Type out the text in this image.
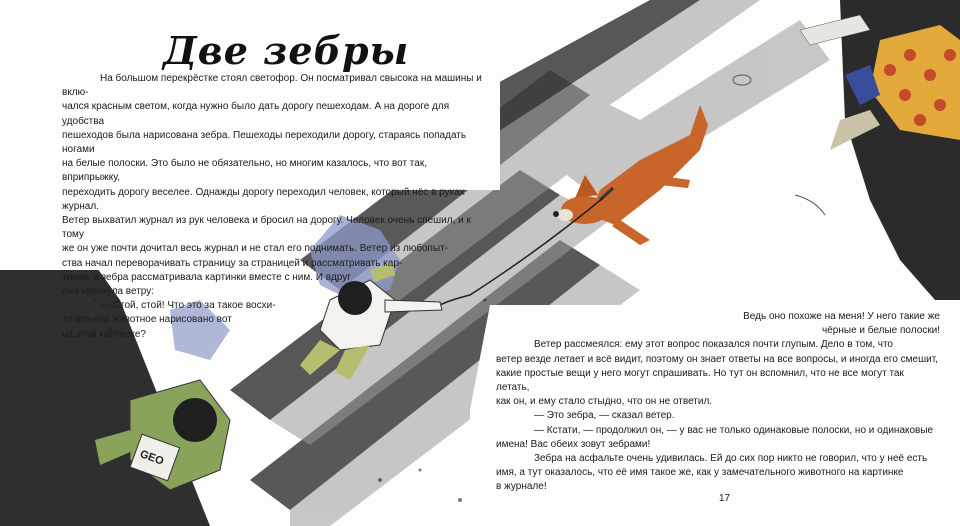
GEO
Две зебры

На большом перекрёстке стоял светофор. Он посматривал свысока на машины и вклю-

чался красным светом, когда нужно было дать дорогу пешеходам. А на дороге для удобства

пешеходов была нарисована зебра. Пешеходы переходили дорогу, стараясь попадать ногами

на белые полоски. Это было не обязательно, но многим казалось, что вот так, вприпрыжку,

переходить дорогу веселее. Однажды дорогу переходил человек, который нёс в руках журнал.

Ветер выхватил журнал из рук человека и бросил на дорогу. Человек очень спешил, и к тому

же он уже почти дочитал весь журнал и не стал его поднимать. Ветер из любопыт-

ства начал переворачивать страницу за страницей и рассматривать кар-

тинки, а зебра рассматривала картинки вместе с ним. И вдруг

она крикнула ветру:

— Стой, стой! Что это за такое восхи-

тительное животное нарисовано вот

на этой картинке?

Ведь оно похоже на меня! У него такие же

чёрные и белые полоски!

Ветер рассмеялся: ему этот вопрос показался почти глупым. Дело в том, что

ветер везде летает и всё видит, поэтому он знает ответы на все вопросы, и иногда его смешит,

какие простые вещи у него могут спрашивать. Но тут он вспомнил, что не все могут так летать,

как он, и ему стало стыдно, что он не ответил.

— Это зебра, — сказал ветер.

— Кстати, — продолжил он, — у вас не только одинаковые полоски, но и одинаковые

имена! Вас обеих зовут зебрами!

Зебра на асфальте очень удивилась. Ей до сих пор никто не говорил, что у неё есть

имя, а тут оказалось, что её имя такое же, как у замечательного животного на картинке

в журнале!

17
